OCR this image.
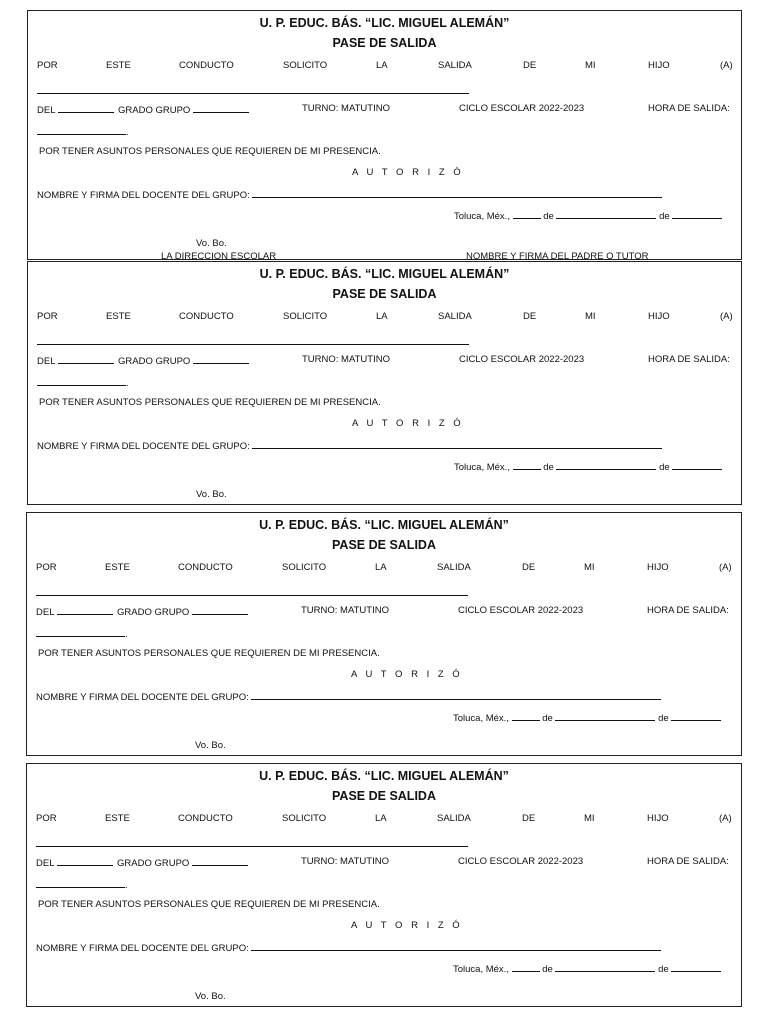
U. P. EDUC. BÁS. “LIC. MIGUEL ALEMÁN”
PASE DE SALIDA
POR	ESTE	CONDUCTO	SOLICITO	LA	SALIDA	DE	MI	HIJO	(A)
DEL	GRADO GRUPO	TURNO: MATUTINO	CICLO ESCOLAR 2022-2023	HORA DE SALIDA:
.
POR TENER ASUNTOS PERSONALES QUE REQUIEREN DE MI PRESENCIA.
A U T O R I Z Ó
NOMBRE Y FIRMA DEL DOCENTE DEL GRUPO:
Toluca, Méx.,	de	de
Vo. Bo.
LA DIRECCION ESCOLAR	NOMBRE Y FIRMA DEL PADRE O TUTOR
U. P. EDUC. BÁS. “LIC. MIGUEL ALEMÁN”
PASE DE SALIDA
POR	ESTE	CONDUCTO	SOLICITO	LA	SALIDA	DE	MI	HIJO	(A)
DEL	GRADO GRUPO	TURNO: MATUTINO	CICLO ESCOLAR 2022-2023	HORA DE SALIDA:
.
POR TENER ASUNTOS PERSONALES QUE REQUIEREN DE MI PRESENCIA.
A U T O R I Z Ó
NOMBRE Y FIRMA DEL DOCENTE DEL GRUPO:
Toluca, Méx.,	de	de
Vo. Bo.
U. P. EDUC. BÁS. “LIC. MIGUEL ALEMÁN”
PASE DE SALIDA
POR	ESTE	CONDUCTO	SOLICITO	LA	SALIDA	DE	MI	HIJO	(A)
DEL	GRADO GRUPO	TURNO: MATUTINO	CICLO ESCOLAR 2022-2023	HORA DE SALIDA:
.
POR TENER ASUNTOS PERSONALES QUE REQUIEREN DE MI PRESENCIA.
A U T O R I Z Ó
NOMBRE Y FIRMA DEL DOCENTE DEL GRUPO:
Toluca, Méx.,	de	de
Vo. Bo.
U. P. EDUC. BÁS. “LIC. MIGUEL ALEMÁN”
PASE DE SALIDA
POR	ESTE	CONDUCTO	SOLICITO	LA	SALIDA	DE	MI	HIJO	(A)
DEL	GRADO GRUPO	TURNO: MATUTINO	CICLO ESCOLAR 2022-2023	HORA DE SALIDA:
.
POR TENER ASUNTOS PERSONALES QUE REQUIEREN DE MI PRESENCIA.
A U T O R I Z Ó
NOMBRE Y FIRMA DEL DOCENTE DEL GRUPO:
Toluca, Méx.,	de	de
Vo. Bo.
